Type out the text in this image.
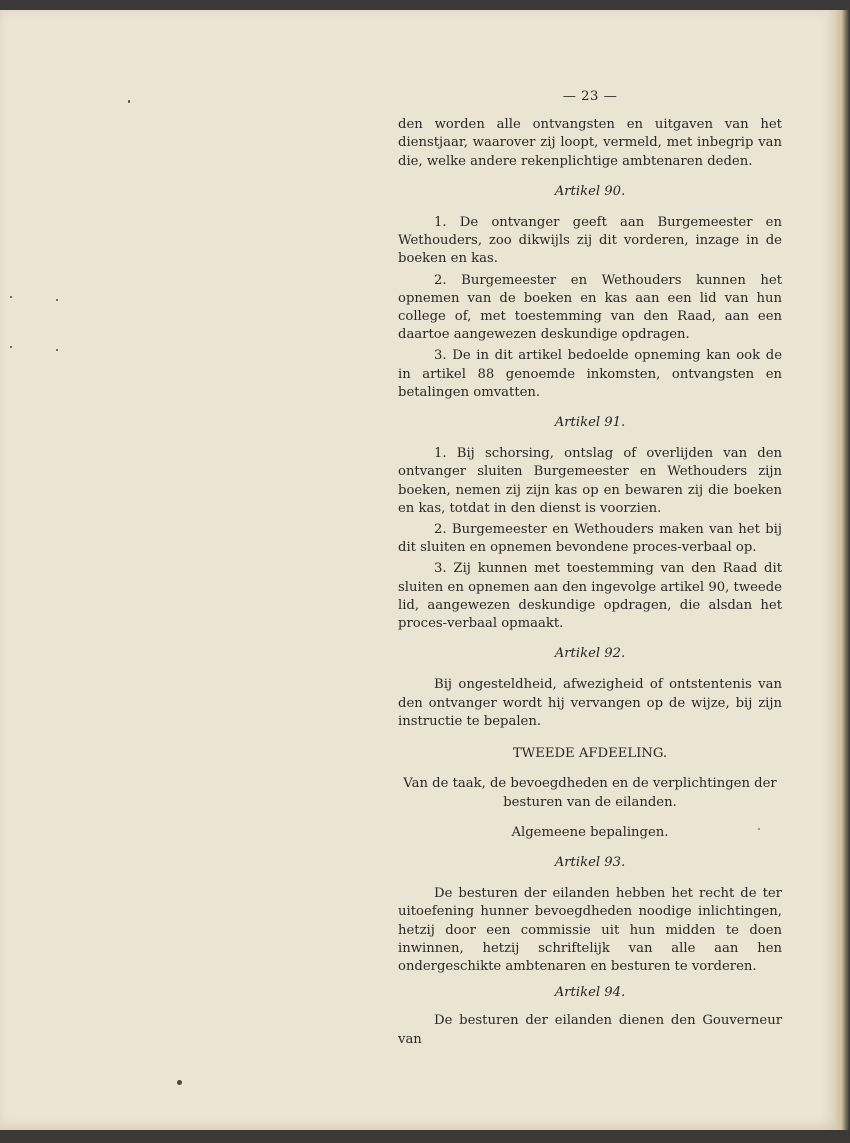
— 23 —

den worden alle ontvangsten en uitgaven van het dienstjaar, waarover zij loopt, vermeld, met inbegrip van die, welke andere rekenplichtige ambtenaren deden.

Artikel 90.

1. De ontvanger geeft aan Burgemeester en Wethouders, zoo dikwijls zij dit vorderen, inzage in de boeken en kas.

2. Burgemeester en Wethouders kunnen het opnemen van de boeken en kas aan een lid van hun college of, met toestemming van den Raad, aan een daartoe aangewezen deskundige opdragen.

3. De in dit artikel bedoelde opneming kan ook de in artikel 88 genoemde inkomsten, ontvangsten en betalingen omvatten.

Artikel 91.

1. Bij schorsing, ontslag of overlijden van den ontvanger sluiten Burgemeester en Wethouders zijn boeken, nemen zij zijn kas op en bewaren zij die boeken en kas, totdat in den dienst is voorzien.

2. Burgemeester en Wethouders maken van het bij dit sluiten en opnemen bevondene proces-verbaal op.

3. Zij kunnen met toestemming van den Raad dit sluiten en opnemen aan den ingevolge artikel 90, tweede lid, aangewezen deskundige opdragen, die alsdan het proces-verbaal opmaakt.

Artikel 92.

Bij ongesteldheid, afwezigheid of ontstentenis van den ontvanger wordt hij vervangen op de wijze, bij zijn instructie te bepalen.

TWEEDE AFDEELING.
Van de taak, de bevoegdheden en de verplichtingen der besturen van de eilanden.
Algemeene bepalingen.
Artikel 93.

De besturen der eilanden hebben het recht de ter uitoefening hunner bevoegdheden noodige inlichtingen, hetzij door een commissie uit hun midden te doen inwinnen, hetzij schriftelijk van alle aan hen ondergeschikte ambtenaren en besturen te vorderen.

Artikel 94.

De besturen der eilanden dienen den Gouverneur van
